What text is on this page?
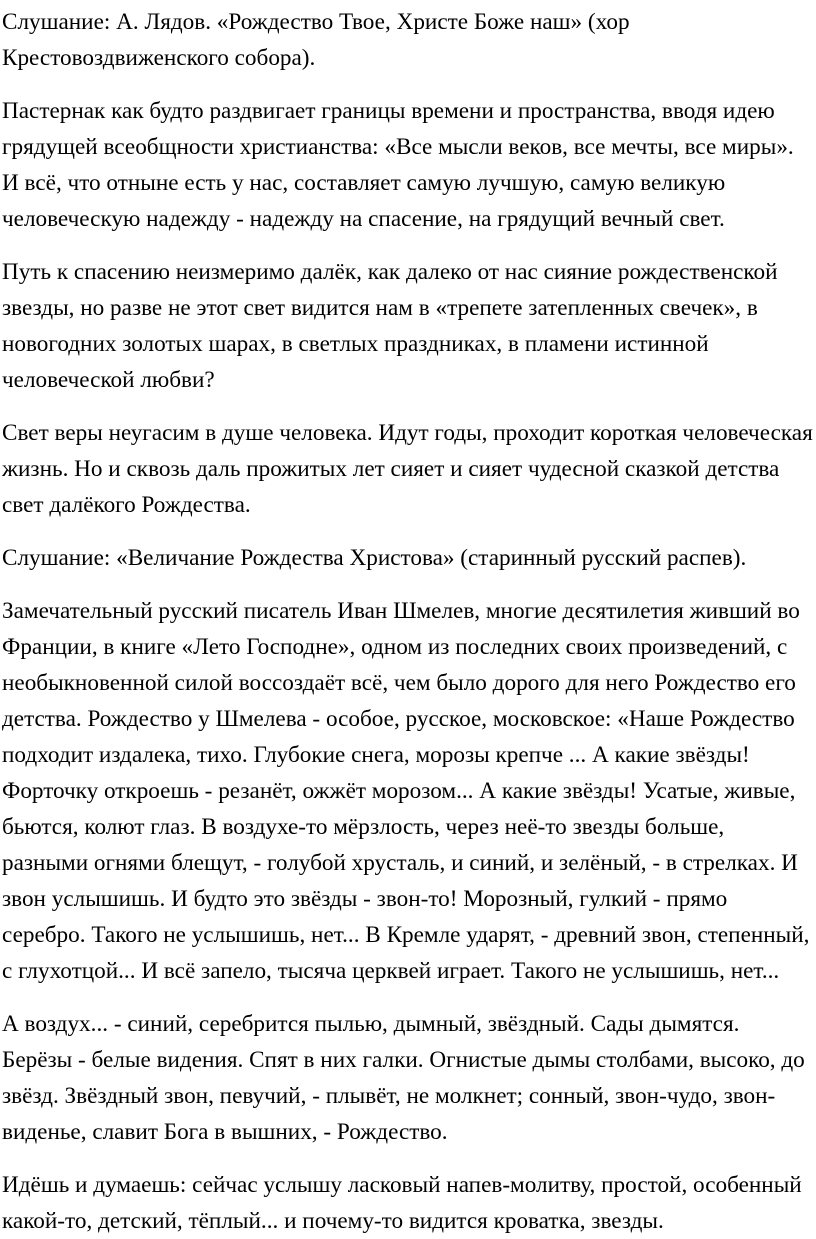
Слушание: А. Лядов. «Рождество Твое, Христе Боже наш» (хор Крестовоздвиженского собора).

Пастернак как будто раздвигает границы времени и пространства, вводя идею грядущей всеобщности христианства: «Все мысли веков, все мечты, все миры». И всё, что отныне есть у нас, составляет самую лучшую, самую великую человеческую надежду - надежду на спасение, на грядущий вечный свет.

Путь к спасению неизмеримо далёк, как далеко от нас сияние рождественской звезды, но разве не этот свет видится нам в «трепете затепленных свечек», в новогодних золотых шарах, в светлых праздниках, в пламени истинной человеческой любви?

Свет веры неугасим в душе человека. Идут годы, проходит короткая человеческая жизнь. Но и сквозь даль прожитых лет сияет и сияет чудесной сказкой детства свет далёкого Рождества.

Слушание: «Величание Рождества Христова» (старинный русский распев).

Замечательный русский писатель Иван Шмелев, многие десятилетия живший во Франции, в книге «Лето Господне», одном из последних своих произведений, с необыкновенной силой воссоздаёт всё, чем было дорого для него Рождество его детства. Рождество у Шмелева - особое, русское, московское: «Наше Рождество подходит издалека, тихо. Глубокие снега, морозы крепче ... А какие звёзды! Форточку откроешь - резанёт, ожжёт морозом... А какие звёзды! Усатые, живые, бьются, колют глаз. В воздухе-то мёрзлость, через неё-то звезды больше, разными огнями блещут, - голубой хрусталь, и синий, и зелёный, - в стрелках. И звон услышишь. И будто это звёзды - звон-то! Морозный, гулкий - прямо серебро. Такого не услышишь, нет... В Кремле ударят, - древний звон, степенный, с глухотцой... И всё запело, тысяча церквей играет. Такого не услышишь, нет...

А воздух... - синий, серебрится пылью, дымный, звёздный. Сады дымятся. Берёзы - белые видения. Спят в них галки. Огнистые дымы столбами, высоко, до звёзд. Звёздный звон, певучий, - плывёт, не молкнет; сонный, звон-чудо, звон-виденье, славит Бога в вышних, - Рождество.

Идёшь и думаешь: сейчас услышу ласковый напев-молитву, простой, особенный какой-то, детский, тёплый... и почему-то видится кроватка, звезды.
